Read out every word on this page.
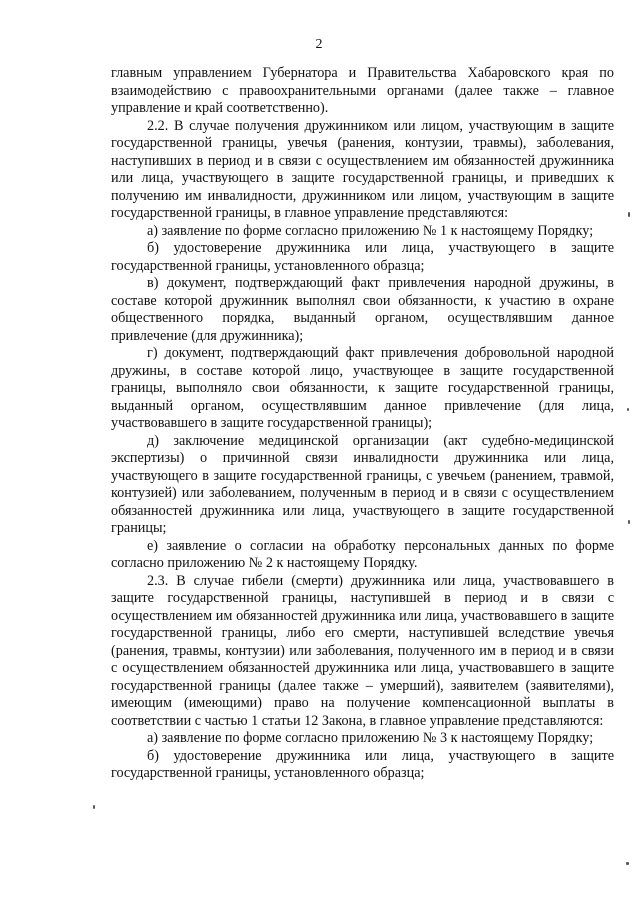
2

главным управлением Губернатора и Правительства Хабаровского края по взаимодействию с правоохранительными органами (далее также – главное управление и край соответственно).

2.2. В случае получения дружинником или лицом, участвующим в защите государственной границы, увечья (ранения, контузии, травмы), заболевания, наступивших в период и в связи с осуществлением им обязанностей дружинника или лица, участвующего в защите государственной границы, и приведших к получению им инвалидности, дружинником или лицом, участвующим в защите государственной границы, в главное управление представляются:

а) заявление по форме согласно приложению № 1 к настоящему Порядку;

б) удостоверение дружинника или лица, участвующего в защите государственной границы, установленного образца;

в) документ, подтверждающий факт привлечения народной дружины, в составе которой дружинник выполнял свои обязанности, к участию в охране общественного порядка, выданный органом, осуществлявшим данное привлечение (для дружинника);

г) документ, подтверждающий факт привлечения добровольной народной дружины, в составе которой лицо, участвующее в защите государственной границы, выполняло свои обязанности, к защите государственной границы, выданный органом, осуществлявшим данное привлечение (для лица, участвовавшего в защите государственной границы);

д) заключение медицинской организации (акт судебно-медицинской экспертизы) о причинной связи инвалидности дружинника или лица, участвующего в защите государственной границы, с увечьем (ранением, травмой, контузией) или заболеванием, полученным в период и в связи с осуществлением обязанностей дружинника или лица, участвующего в защите государственной границы;

е) заявление о согласии на обработку персональных данных по форме согласно приложению № 2 к настоящему Порядку.

2.3. В случае гибели (смерти) дружинника или лица, участвовавшего в защите государственной границы, наступившей в период и в связи с осуществлением им обязанностей дружинника или лица, участвовавшего в защите государственной границы, либо его смерти, наступившей вследствие увечья (ранения, травмы, контузии) или заболевания, полученного им в период и в связи с осуществлением обязанностей дружинника или лица, участвовавшего в защите государственной границы (далее также – умерший), заявителем (заявителями), имеющим (имеющими) право на получение компенсационной выплаты в соответствии с частью 1 статьи 12 Закона, в главное управление представляются:

а) заявление по форме согласно приложению № 3 к настоящему Порядку;

б) удостоверение дружинника или лица, участвующего в защите государственной границы, установленного образца;
